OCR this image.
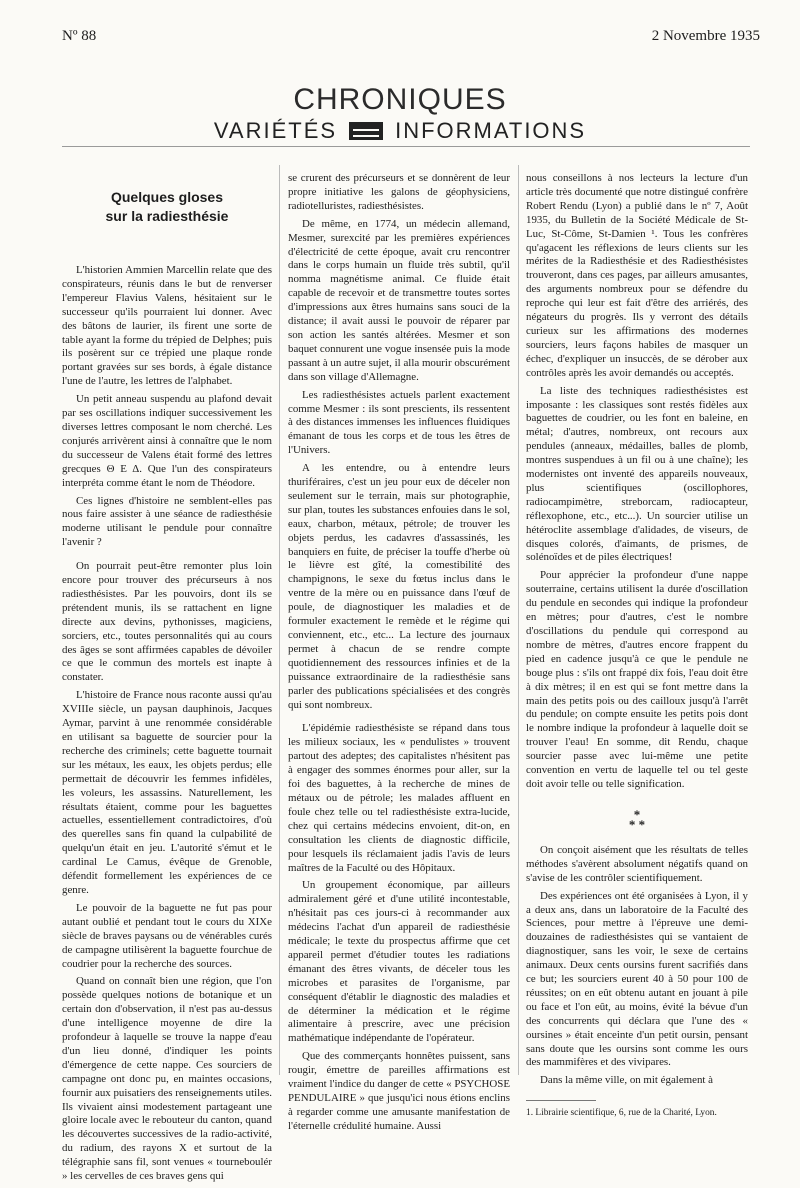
Nº 88	2 Novembre 1935
CHRONIQUES
VARIÉTÉS	INFORMATIONS
Quelques gloses
sur la radiesthésie

L'historien Ammien Marcellin relate que des conspirateurs, réunis dans le but de renverser l'empereur Flavius Valens, hésitaient sur le successeur qu'ils pourraient lui donner. Avec des bâtons de laurier, ils firent une sorte de table ayant la forme du trépied de Delphes; puis ils posèrent sur ce trépied une plaque ronde portant gravées sur ses bords, à égale distance l'une de l'autre, les lettres de l'alphabet.

Un petit anneau suspendu au plafond devait par ses oscillations indiquer successivement les diverses lettres composant le nom cherché. Les conjurés arrivèrent ainsi à connaître que le nom du successeur de Valens était formé des lettres grecques Θ Ε Δ. Que l'un des conspirateurs interpréta comme étant le nom de Théodore.

Ces lignes d'histoire ne semblent-elles pas nous faire assister à une séance de radiesthésie moderne utilisant le pendule pour connaître l'avenir ?

On pourrait peut-être remonter plus loin encore pour trouver des précurseurs à nos radiesthésistes. Par les pouvoirs, dont ils se prétendent munis, ils se rattachent en ligne directe aux devins, pythonisses, magiciens, sorciers, etc., toutes personnalités qui au cours des âges se sont affirmées capables de dévoiler ce que le commun des mortels est inapte à constater.

L'histoire de France nous raconte aussi qu'au XVIIIe siècle, un paysan dauphinois, Jacques Aymar, parvint à une renommée considérable en utilisant sa baguette de sourcier pour la recherche des criminels; cette baguette tournait sur les métaux, les eaux, les objets perdus; elle permettait de découvrir les femmes infidèles, les voleurs, les assassins. Naturellement, les résultats étaient, comme pour les baguettes actuelles, essentiellement contradictoires, d'où des querelles sans fin quand la culpabilité de quelqu'un était en jeu. L'autorité s'émut et le cardinal Le Camus, évêque de Grenoble, défendit formellement les expériences de ce genre.

Le pouvoir de la baguette ne fut pas pour autant oublié et pendant tout le cours du XIXe siècle de braves paysans ou de vénérables curés de campagne utilisèrent la baguette fourchue de coudrier pour la recherche des sources.

Quand on connaît bien une région, que l'on possède quelques notions de botanique et un certain don d'observation, il n'est pas au-dessus d'une intelligence moyenne de dire la profondeur à laquelle se trouve la nappe d'eau d'un lieu donné, d'indiquer les points d'émergence de cette nappe. Ces sourciers de campagne ont donc pu, en maintes occasions, fournir aux puisatiers des renseignements utiles. Ils vivaient ainsi modestement partageant une gloire locale avec le rebouteur du canton, quand les découvertes successives de la radio-activité, du radium, des rayons X et surtout de la télégraphie sans fil, sont venues « tourneboulér » les cervelles de ces braves gens qui

se crurent des précurseurs et se donnèrent de leur propre initiative les galons de géophysiciens, radiotelluristes, radiesthésistes.

De même, en 1774, un médecin allemand, Mesmer, surexcité par les premières expériences d'électricité de cette époque, avait cru rencontrer dans le corps humain un fluide très subtil, qu'il nomma magnétisme animal. Ce fluide était capable de recevoir et de transmettre toutes sortes d'impressions aux êtres humains sans souci de la distance; il avait aussi le pouvoir de réparer par son action les santés altérées. Mesmer et son baquet connurent une vogue insensée puis la mode passant à un autre sujet, il alla mourir obscurément dans son village d'Allemagne.

Les radiesthésistes actuels parlent exactement comme Mesmer : ils sont prescients, ils ressentent à des distances immenses les influences fluidiques émanant de tous les corps et de tous les êtres de l'Univers.

A les entendre, ou à entendre leurs thuriféraires, c'est un jeu pour eux de déceler non seulement sur le terrain, mais sur photographie, sur plan, toutes les substances enfouies dans le sol, eaux, charbon, métaux, pétrole; de trouver les objets perdus, les cadavres d'assassinés, les banquiers en fuite, de préciser la touffe d'herbe où le lièvre est gîté, la comestibilité des champignons, le sexe du fœtus inclus dans le ventre de la mère ou en puissance dans l'œuf de poule, de diagnostiquer les maladies et de formuler exactement le remède et le régime qui conviennent, etc., etc... La lecture des journaux permet à chacun de se rendre compte quotidiennement des ressources infinies et de la puissance extraordinaire de la radiesthésie sans parler des publications spécialisées et des congrès qui sont nombreux.

L'épidémie radiesthésiste se répand dans tous les milieux sociaux, les « pendulistes » trouvent partout des adeptes; des capitalistes n'hésitent pas à engager des sommes énormes pour aller, sur la foi des baguettes, à la recherche de mines de métaux ou de pétrole; les malades affluent en foule chez telle ou tel radiesthésiste extra-lucide, chez qui certains médecins envoient, dit-on, en consultation les clients de diagnostic difficile, pour lesquels ils réclamaient jadis l'avis de leurs maîtres de la Faculté ou des Hôpitaux.

Un groupement économique, par ailleurs admiralement géré et d'une utilité incontestable, n'hésitait pas ces jours-ci à recommander aux médecins l'achat d'un appareil de radiesthésie médicale; le texte du prospectus affirme que cet appareil permet d'étudier toutes les radiations émanant des êtres vivants, de déceler tous les microbes et parasites de l'organisme, par conséquent d'établir le diagnostic des maladies et de déterminer la médication et le régime alimentaire à prescrire, avec une précision mathématique indépendante de l'opérateur.

Que des commerçants honnêtes puissent, sans rougir, émettre de pareilles affirmations est vraiment l'indice du danger de cette « PSYCHOSE PENDULAIRE » que jusqu'ici nous étions enclins à regarder comme une amusante manifestation de l'éternelle crédulité humaine. Aussi

nous conseillons à nos lecteurs la lecture d'un article très documenté que notre distingué confrère Robert Rendu (Lyon) a publié dans le nº 7, Août 1935, du Bulletin de la Société Médicale de St-Luc, St-Côme, St-Damien ¹. Tous les confrères qu'agacent les réflexions de leurs clients sur les mérites de la Radiesthésie et des Radiesthésistes trouveront, dans ces pages, par ailleurs amusantes, des arguments nombreux pour se défendre du reproche qui leur est fait d'être des arriérés, des négateurs du progrès. Ils y verront des détails curieux sur les affirmations des modernes sourciers, leurs façons habiles de masquer un échec, d'expliquer un insuccès, de se dérober aux contrôles après les avoir demandés ou acceptés.

La liste des techniques radiesthésistes est imposante : les classiques sont restés fidèles aux baguettes de coudrier, ou les font en baleine, en métal; d'autres, nombreux, ont recours aux pendules (anneaux, médailles, balles de plomb, montres suspendues à un fil ou à une chaîne); les modernistes ont inventé des appareils nouveaux, plus scientifiques (oscillophores, radiocampimètre, streborcam, radiocapteur, réflexophone, etc., etc...). Un sourcier utilise un hétéroclite assemblage d'alidades, de viseurs, de disques colorés, d'aimants, de prismes, de solénoïdes et de piles électriques!

Pour apprécier la profondeur d'une nappe souterraine, certains utilisent la durée d'oscillation du pendule en secondes qui indique la profondeur en mètres; pour d'autres, c'est le nombre d'oscillations du pendule qui correspond au nombre de mètres, d'autres encore frappent du pied en cadence jusqu'à ce que le pendule ne bouge plus : s'ils ont frappé dix fois, l'eau doit être à dix mètres; il en est qui se font mettre dans la main des petits pois ou des cailloux jusqu'à l'arrêt du pendule; on compte ensuite les petits pois dont le nombre indique la profondeur à laquelle doit se trouver l'eau! En somme, dit Rendu, chaque sourcier passe avec lui-même une petite convention en vertu de laquelle tel ou tel geste doit avoir telle ou telle signification.

*
* *

On conçoit aisément que les résultats de telles méthodes s'avèrent absolument négatifs quand on s'avise de les contrôler scientifiquement.

Des expériences ont été organisées à Lyon, il y a deux ans, dans un laboratoire de la Faculté des Sciences, pour mettre à l'épreuve une demi-douzaines de radiesthésistes qui se vantaient de diagnostiquer, sans les voir, le sexe de certains animaux. Deux cents oursins furent sacrifiés dans ce but; les sourciers eurent 40 à 50 pour 100 de réussites; on en eût obtenu autant en jouant à pile ou face et l'on eût, au moins, évité la bévue d'un des concurrents qui déclara que l'une des « oursines » était enceinte d'un petit oursin, pensant sans doute que les oursins sont comme les ours des mammifères et des vivipares.

Dans la même ville, on mit également à

1. Librairie scientifique, 6, rue de la Charité, Lyon.
